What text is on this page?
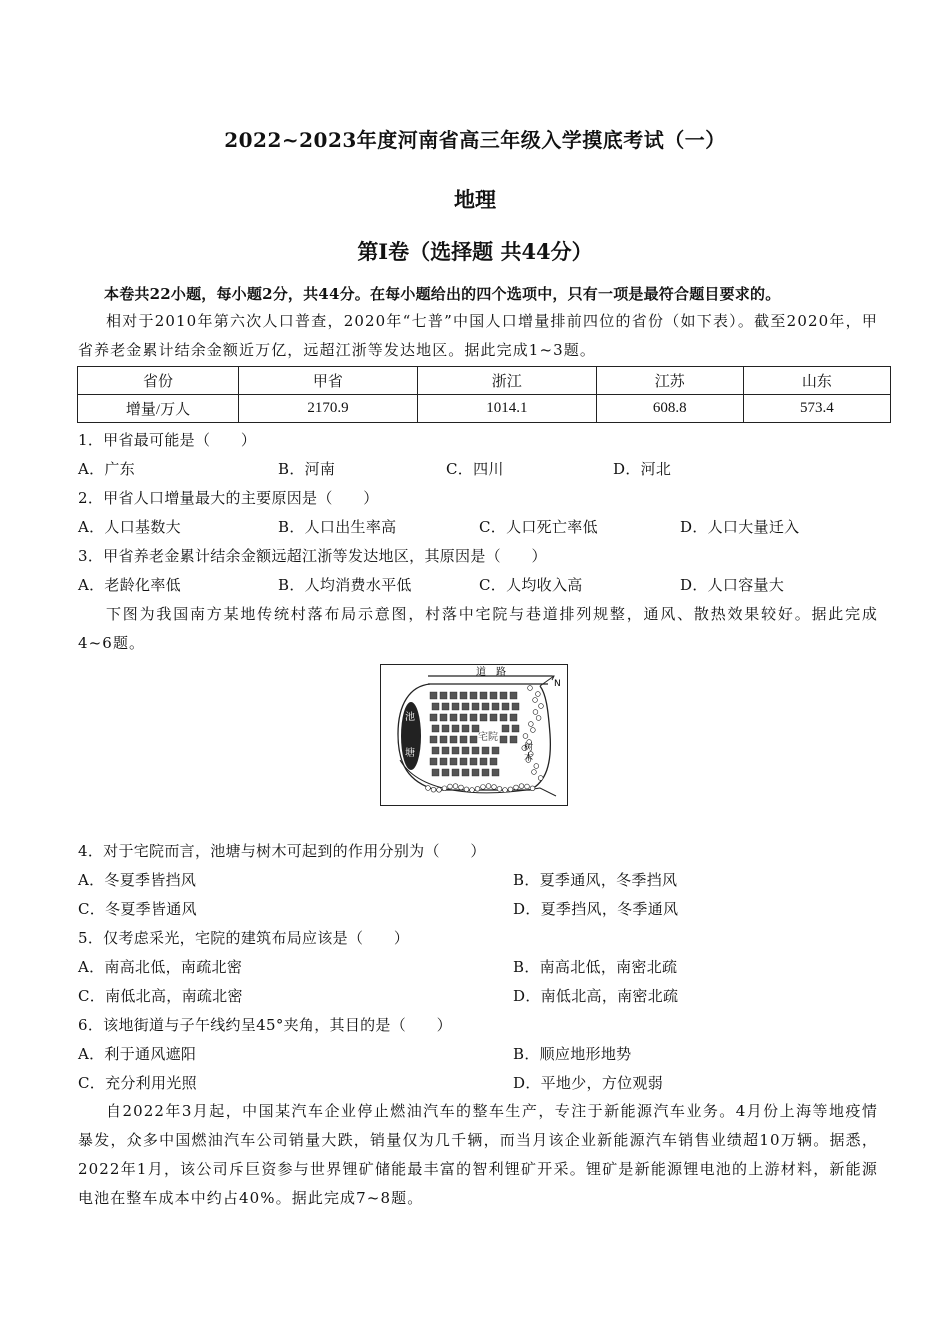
2022~2023年度河南省高三年级入学摸底考试（一）
地理
第Ⅰ卷（选择题 共44分）
本卷共22小题，每小题2分，共44分。在每小题给出的四个选项中，只有一项是最符合题目要求的。
相对于2010年第六次人口普查，2020年“七普”中国人口增量排前四位的省份（如下表）。截至2020年，甲省养老金累计结余金额近万亿，远超江浙等发达地区。据此完成1~3题。
省份	甲省	浙江	江苏	山东
增量/万人	2170.9	1014.1	608.8	573.4
1．甲省最可能是（　　）
A．广东	B．河南	C．四川	D．河北
2．甲省人口增量最大的主要原因是（　　）
A．人口基数大	B．人口出生率高	C．人口死亡率低	D．人口大量迁入
3．甲省养老金累计结余金额远超江浙等发达地区，其原因是（　　）
A．老龄化率低	B．人均消费水平低	C．人均收入高	D．人口容量大
下图为我国南方某地传统村落布局示意图，村落中宅院与巷道排列规整，通风、散热效果较好。据此完成4~6题。
道　路
N
池
塘
宅院
树
木
4．对于宅院而言，池塘与树木可起到的作用分别为（　　）
A．冬夏季皆挡风	B．夏季通风，冬季挡风
C．冬夏季皆通风	D．夏季挡风，冬季通风
5．仅考虑采光，宅院的建筑布局应该是（　　）
A．南高北低，南疏北密	B．南高北低，南密北疏
C．南低北高，南疏北密	D．南低北高，南密北疏
6．该地街道与子午线约呈45°夹角，其目的是（　　）
A．利于通风遮阳	B．顺应地形地势
C．充分利用光照	D．平地少，方位观弱
自2022年3月起，中国某汽车企业停止燃油汽车的整车生产，专注于新能源汽车业务。4月份上海等地疫情暴发，众多中国燃油汽车公司销量大跌，销量仅为几千辆，而当月该企业新能源汽车销售业绩超10万辆。据悉，2022年1月，该公司斥巨资参与世界锂矿储能最丰富的智利锂矿开采。锂矿是新能源锂电池的上游材料，新能源电池在整车成本中约占40%。据此完成7~8题。
